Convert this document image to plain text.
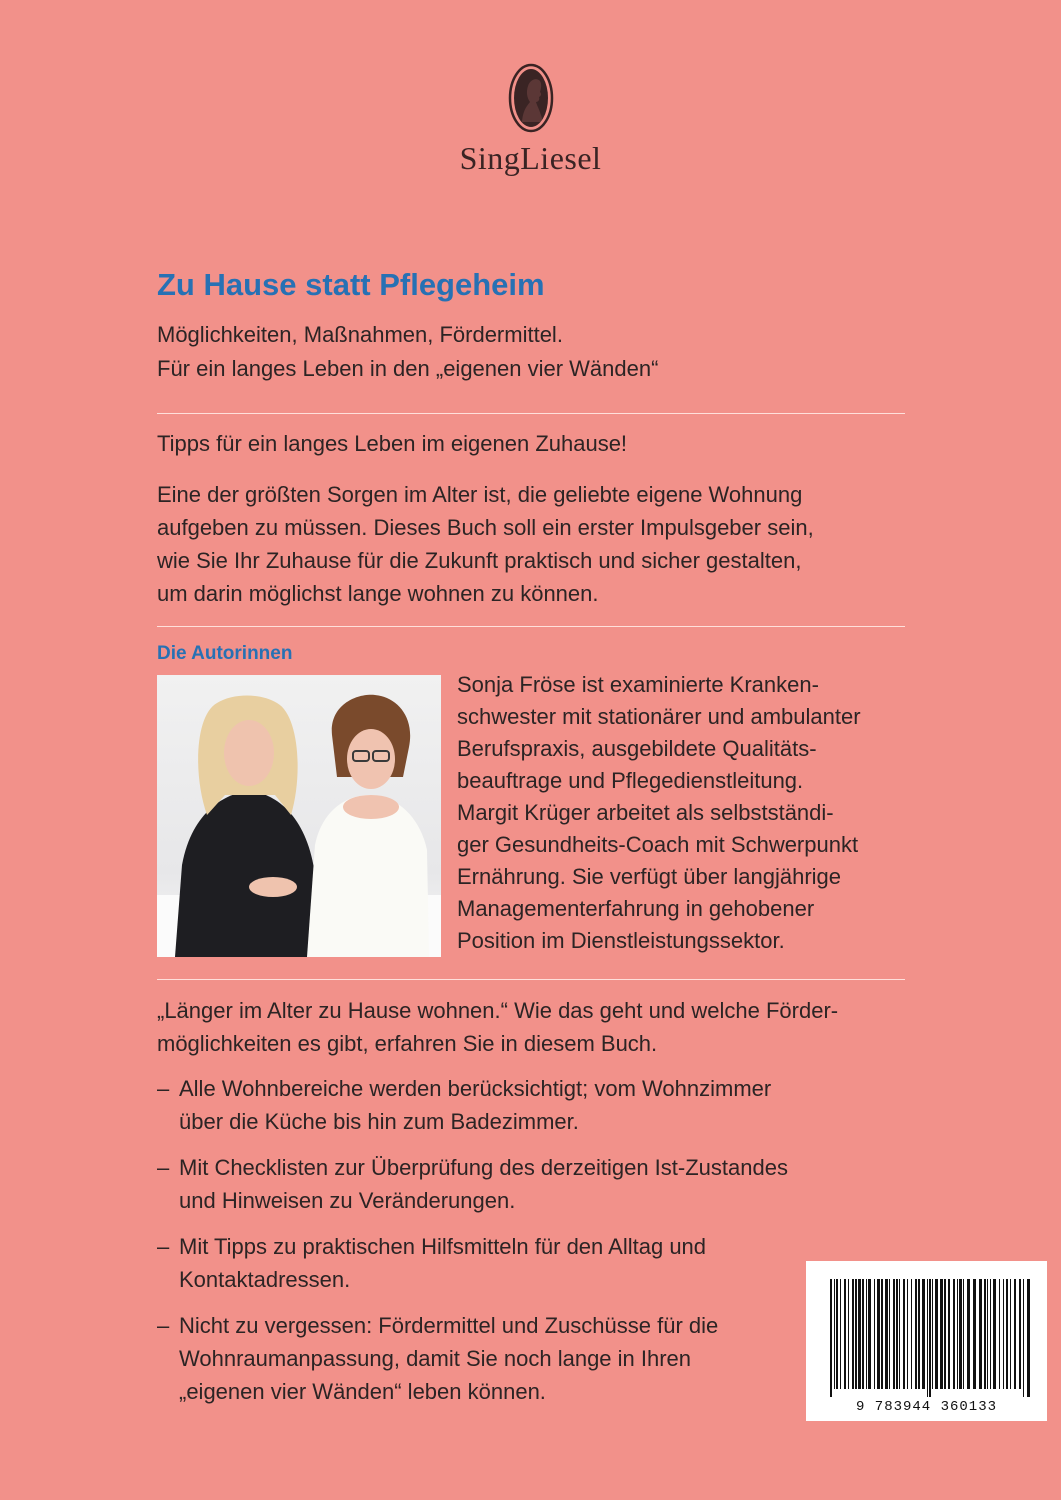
SingLiesel
Zu Hause statt Pflegeheim

Möglichkeiten, Maßnahmen, Fördermittel.

Für ein langes Leben in den „eigenen vier Wänden“

Tipps für ein langes Leben im eigenen Zuhause!

Eine der größten Sorgen im Alter ist, die geliebte eigene Wohnung

aufgeben zu müssen. Dieses Buch soll ein erster Impulsgeber sein,

wie Sie Ihr Zuhause für die Zukunft praktisch und sicher gestalten,

um darin möglichst lange wohnen zu können.

Die Autorinnen

Sonja Fröse ist examinierte Kranken-

schwester mit stationärer und ambulanter

Berufspraxis, ausgebildete Qualitäts-

beauftrage und Pflegedienstleitung.

Margit Krüger arbeitet als selbstständi-

ger Gesundheits-Coach mit Schwerpunkt

Ernährung. Sie verfügt über langjährige

Managementerfahrung in gehobener

Position im Dienstleistungssektor.

„Länger im Alter zu Hause wohnen.“ Wie das geht und welche Förder-

möglichkeiten es gibt, erfahren Sie in diesem Buch.

– Alle Wohnbereiche werden berücksichtigt; vom Wohnzimmer
über die Küche bis hin zum Badezimmer.
– Mit Checklisten zur Überprüfung des derzeitigen Ist-Zustandes
und Hinweisen zu Veränderungen.
– Mit Tipps zu praktischen Hilfsmitteln für den Alltag und
Kontaktadressen.
– Nicht zu vergessen: Fördermittel und Zuschüsse für die
Wohnraumanpassung, damit Sie noch lange in Ihren
„eigenen vier Wänden“ leben können.
9 783944 360133
